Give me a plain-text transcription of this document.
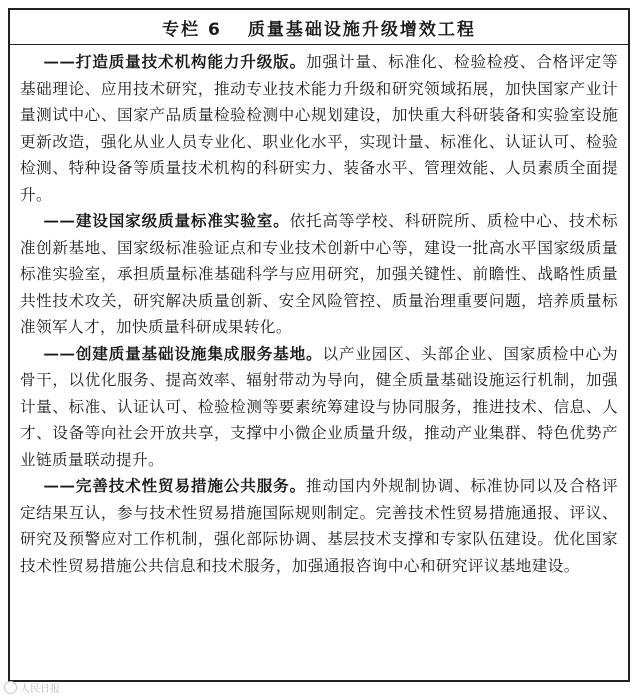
专栏 6 质量基础设施升级增效工程

——打造质量技术机构能力升级版。加强计量、标准化、检验检疫、合格评定等基础理论、应用技术研究，推动专业技术能力升级和研究领域拓展，加快国家产业计量测试中心、国家产品质量检验检测中心规划建设，加快重大科研装备和实验室设施更新改造，强化从业人员专业化、职业化水平，实现计量、标准化、认证认可、检验检测、特种设备等质量技术机构的科研实力、装备水平、管理效能、人员素质全面提升。

——建设国家级质量标准实验室。依托高等学校、科研院所、质检中心、技术标准创新基地、国家级标准验证点和专业技术创新中心等，建设一批高水平国家级质量标准实验室，承担质量标准基础科学与应用研究，加强关键性、前瞻性、战略性质量共性技术攻关，研究解决质量创新、安全风险管控、质量治理重要问题，培养质量标准领军人才，加快质量科研成果转化。

——创建质量基础设施集成服务基地。以产业园区、头部企业、国家质检中心为骨干，以优化服务、提高效率、辐射带动为导向，健全质量基础设施运行机制，加强计量、标准、认证认可、检验检测等要素统筹建设与协同服务，推进技术、信息、人才、设备等向社会开放共享，支撑中小微企业质量升级，推动产业集群、特色优势产业链质量联动提升。

——完善技术性贸易措施公共服务。推动国内外规制协调、标准协同以及合格评定结果互认，参与技术性贸易措施国际规则制定。完善技术性贸易措施通报、评议、研究及预警应对工作机制，强化部际协调、基层技术支撑和专家队伍建设。优化国家技术性贸易措施公共信息和技术服务，加强通报咨询中心和研究评议基地建设。

人民日报
